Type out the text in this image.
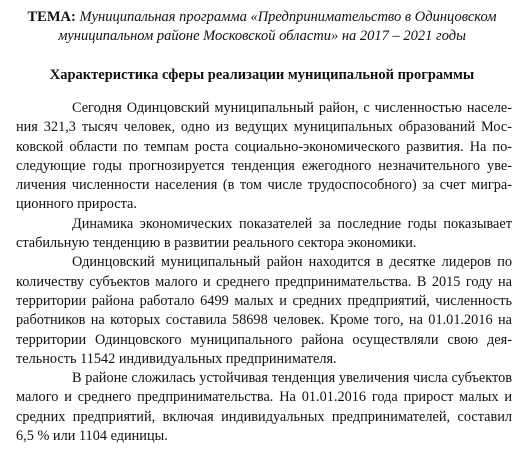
ТЕМА: Муниципальная программа «Предпринимательство в Одинцовском муниципальном районе Московской области» на 2017 – 2021 годы
Характеристика сферы реализации муниципальной программы

Сегодня Одинцовский муниципальный район, с численностью населения 321,3 тысяч человек, одно из ведущих муниципальных образований Московской области по темпам роста социально-экономического развития. На последующие годы прогнозируется тенденция ежегодного незначительного увеличения численности населения (в том числе трудоспособного) за счет миграционного прироста.

Динамика экономических показателей за последние годы показывает стабильную тенденцию в развитии реального сектора экономики.

Одинцовский муниципальный район находится в десятке лидеров по количеству субъектов малого и среднего предпринимательства. В 2015 году на территории района работало 6499 малых и средних предприятий, численность работников на которых составила 58698 человек. Кроме того, на 01.01.2016 на территории Одинцовского муниципального района осуществляли свою деятельность 11542 индивидуальных предпринимателя.

В районе сложилась устойчивая тенденция увеличения числа субъектов малого и среднего предпринимательства. На 01.01.2016 года прирост малых и средних предприятий, включая индивидуальных предпринимателей, составил 6,5 % или 1104 единицы.
